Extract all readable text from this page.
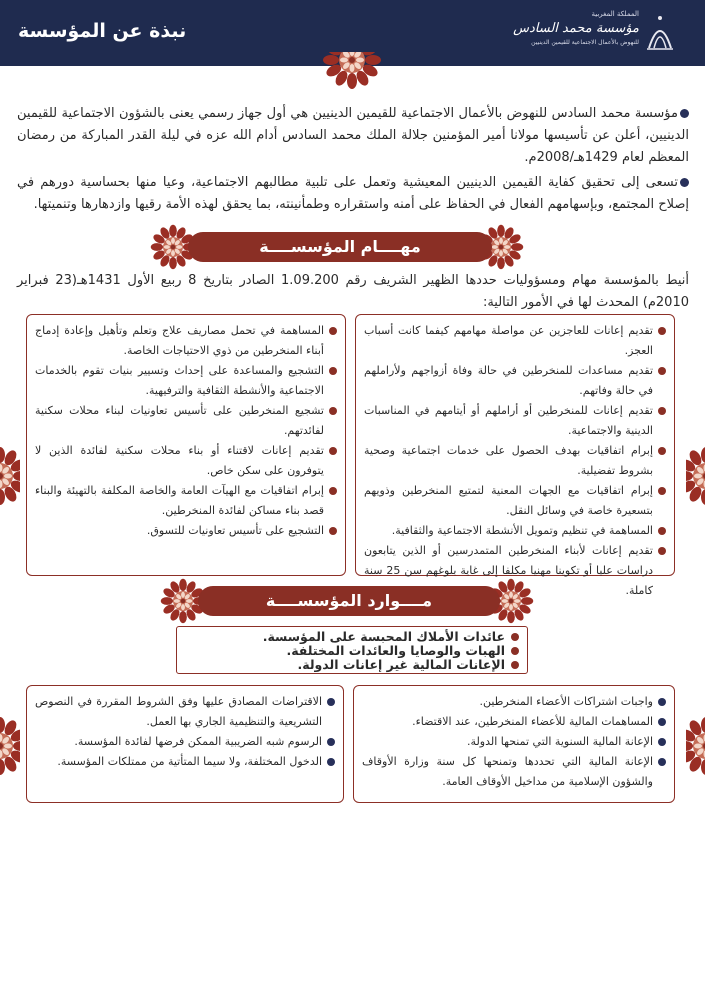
نبذة عن المؤسسة
المملكة المغربية
مؤسسة محمد السادس
للنهوض بالأعمال الاجتماعية للقيمين الدينيين
مؤسسة محمد السادس للنهوض بالأعمال الاجتماعية للقيمين الدينيين هي أول جهاز رسمي يعنى بالشؤون الاجتماعية للقيمين الدينيين، أعلن عن تأسيسها مولانا أمير المؤمنين جلالة الملك محمد السادس أدام الله عزه في ليلة القدر المباركة من رمضان المعظم لعام 1429هـ/2008م.
تسعى إلى تحقيق كفاية القيمين الدينيين المعيشية وتعمل على تلبية مطالبهم الاجتماعية، وعيا منها بحساسية دورهم في إصلاح المجتمع، وبإسهامهم الفعال في الحفاظ على أمنه واستقراره وطمأنينته، بما يحقق لهذه الأمة رقيها وازدهارها وتنميتها.
مهــــام المؤسســــة
أنيط بالمؤسسة مهام ومسؤوليات حددها الظهير الشريف رقم 1.09.200 الصادر بتاريخ 8 ربيع الأول 1431هـ(23 فبراير 2010م) المحدث لها في الأمور التالية:
تقديم إعانات للعاجزين عن مواصلة مهامهم كيفما كانت أسباب العجز.
تقديم مساعدات للمنخرطين في حالة وفاة أزواجهم ولأراملهم في حالة وفاتهم.
تقديم إعانات للمنخرطين أو أراملهم أو أيتامهم في المناسبات الدينية والاجتماعية.
إبرام اتفاقيات بهدف الحصول على خدمات اجتماعية وصحية بشروط تفضيلية.
إبرام اتفاقيات مع الجهات المعنية لتمتيع المنخرطين وذويهم بتسعيرة خاصة في وسائل النقل.
المساهمة في تنظيم وتمويل الأنشطة الاجتماعية والثقافية.
تقديم إعانات لأبناء المنخرطين المتمدرسين أو الذين يتابعون دراسات عليا أو تكوينا مهنيا مكلفا إلى غاية بلوغهم سن 25 سنة كاملة.
المساهمة في تحمل مصاريف علاج وتعلم وتأهيل وإعادة إدماج أبناء المنخرطين من ذوي الاحتياجات الخاصة.
التشجيع والمساعدة على إحداث وتسيير بنيات تقوم بالخدمات الاجتماعية والأنشطة الثقافية والترفيهية.
تشجيع المنخرطين على تأسيس تعاونيات لبناء محلات سكنية لفائدتهم.
تقديم إعانات لاقتناء أو بناء محلات سكنية لفائدة الذين لا يتوفرون على سكن خاص.
إبرام اتفاقيات مع الهيآت العامة والخاصة المكلفة بالتهيئة والبناء قصد بناء مساكن لفائدة المنخرطين.
التشجيع على تأسيس تعاونيات للتسوق.
مــــوارد المؤسســــة
عائدات الأملاك المحبسة على المؤسسة.
الهبات والوصايا والعائدات المختلفة.
الإعانات المالية غير إعانات الدولة.
واجبات اشتراكات الأعضاء المنخرطين.
المساهمات المالية للأعضاء المنخرطين، عند الاقتضاء.
الإعانة المالية السنوية التي تمنحها الدولة.
الإعانة المالية التي تحددها وتمنحها كل سنة وزارة الأوقاف والشؤون الإسلامية من مداخيل الأوقاف العامة.
الاقتراضات المصادق عليها وفق الشروط المقررة في النصوص التشريعية والتنظيمية الجاري بها العمل.
الرسوم شبه الضريبية الممكن فرضها لفائدة المؤسسة.
الدخول المختلفة، ولا سيما المتأتية من ممتلكات المؤسسة.
